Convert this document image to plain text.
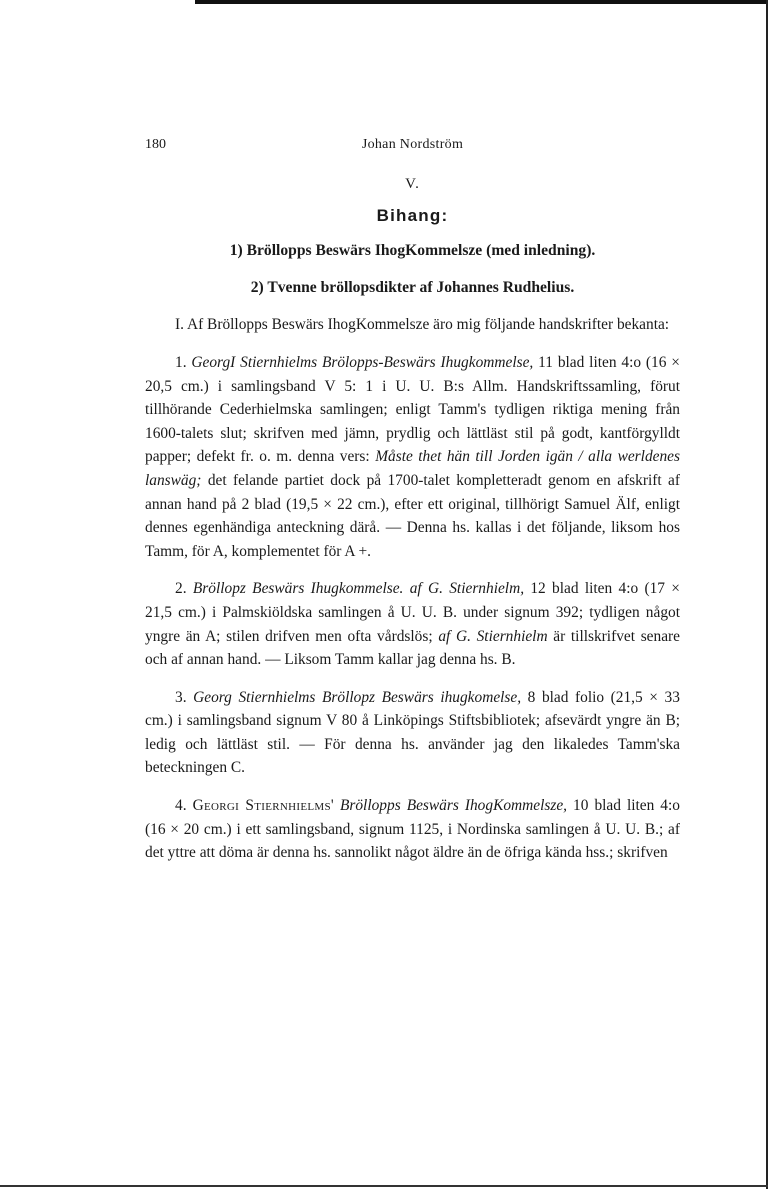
180	Johan Nordström
V.
Bihang:
1) Bröllopps Beswärs IhogKommelsze (med inledning).
2) Tvenne bröllopsdikter af Johannes Rudhelius.

I. Af Bröllopps Beswärs IhogKommelsze äro mig följande handskrifter bekanta:

1. GeorgI Stiernhielms Brölopps-Beswärs Ihugkommelse, 11 blad liten 4:o (16 × 20,5 cm.) i samlingsband V 5: 1 i U. U. B:s Allm. Handskriftssamling, förut tillhörande Cederhielmska samlingen; enligt Tamm's tydligen riktiga mening från 1600-talets slut; skrifven med jämn, prydlig och lättläst stil på godt, kantförgylldt papper; defekt fr. o. m. denna vers: Måste thet hän till Jorden igän / alla werldenes lanswäg; det felande partiet dock på 1700-talet kompletteradt genom en afskrift af annan hand på 2 blad (19,5 × 22 cm.), efter ett original, tillhörigt Samuel Älf, enligt dennes egenhändiga anteckning därå. — Denna hs. kallas i det följande, liksom hos Tamm, för A, komplementet för A +.

2. Bröllopz Beswärs Ihugkommelse. af G. Stiernhielm, 12 blad liten 4:o (17 × 21,5 cm.) i Palmskiöldska samlingen å U. U. B. under signum 392; tydligen något yngre än A; stilen drifven men ofta vårdslös; af G. Stiernhielm är tillskrifvet senare och af annan hand. — Liksom Tamm kallar jag denna hs. B.

3. Georg Stiernhielms Bröllopz Beswärs ihugkomelse, 8 blad folio (21,5 × 33 cm.) i samlingsband signum V 80 å Linköpings Stiftsbibliotek; afsevärdt yngre än B; ledig och lättläst stil. — För denna hs. använder jag den likaledes Tamm'ska beteckningen C.

4. Georgi Stiernhielms' Bröllopps Beswärs IhogKommelsze, 10 blad liten 4:o (16 × 20 cm.) i ett samlingsband, signum 1125, i Nordinska samlingen å U. U. B.; af det yttre att döma är denna hs. sannolikt något äldre än de öfriga kända hss.; skrifven
